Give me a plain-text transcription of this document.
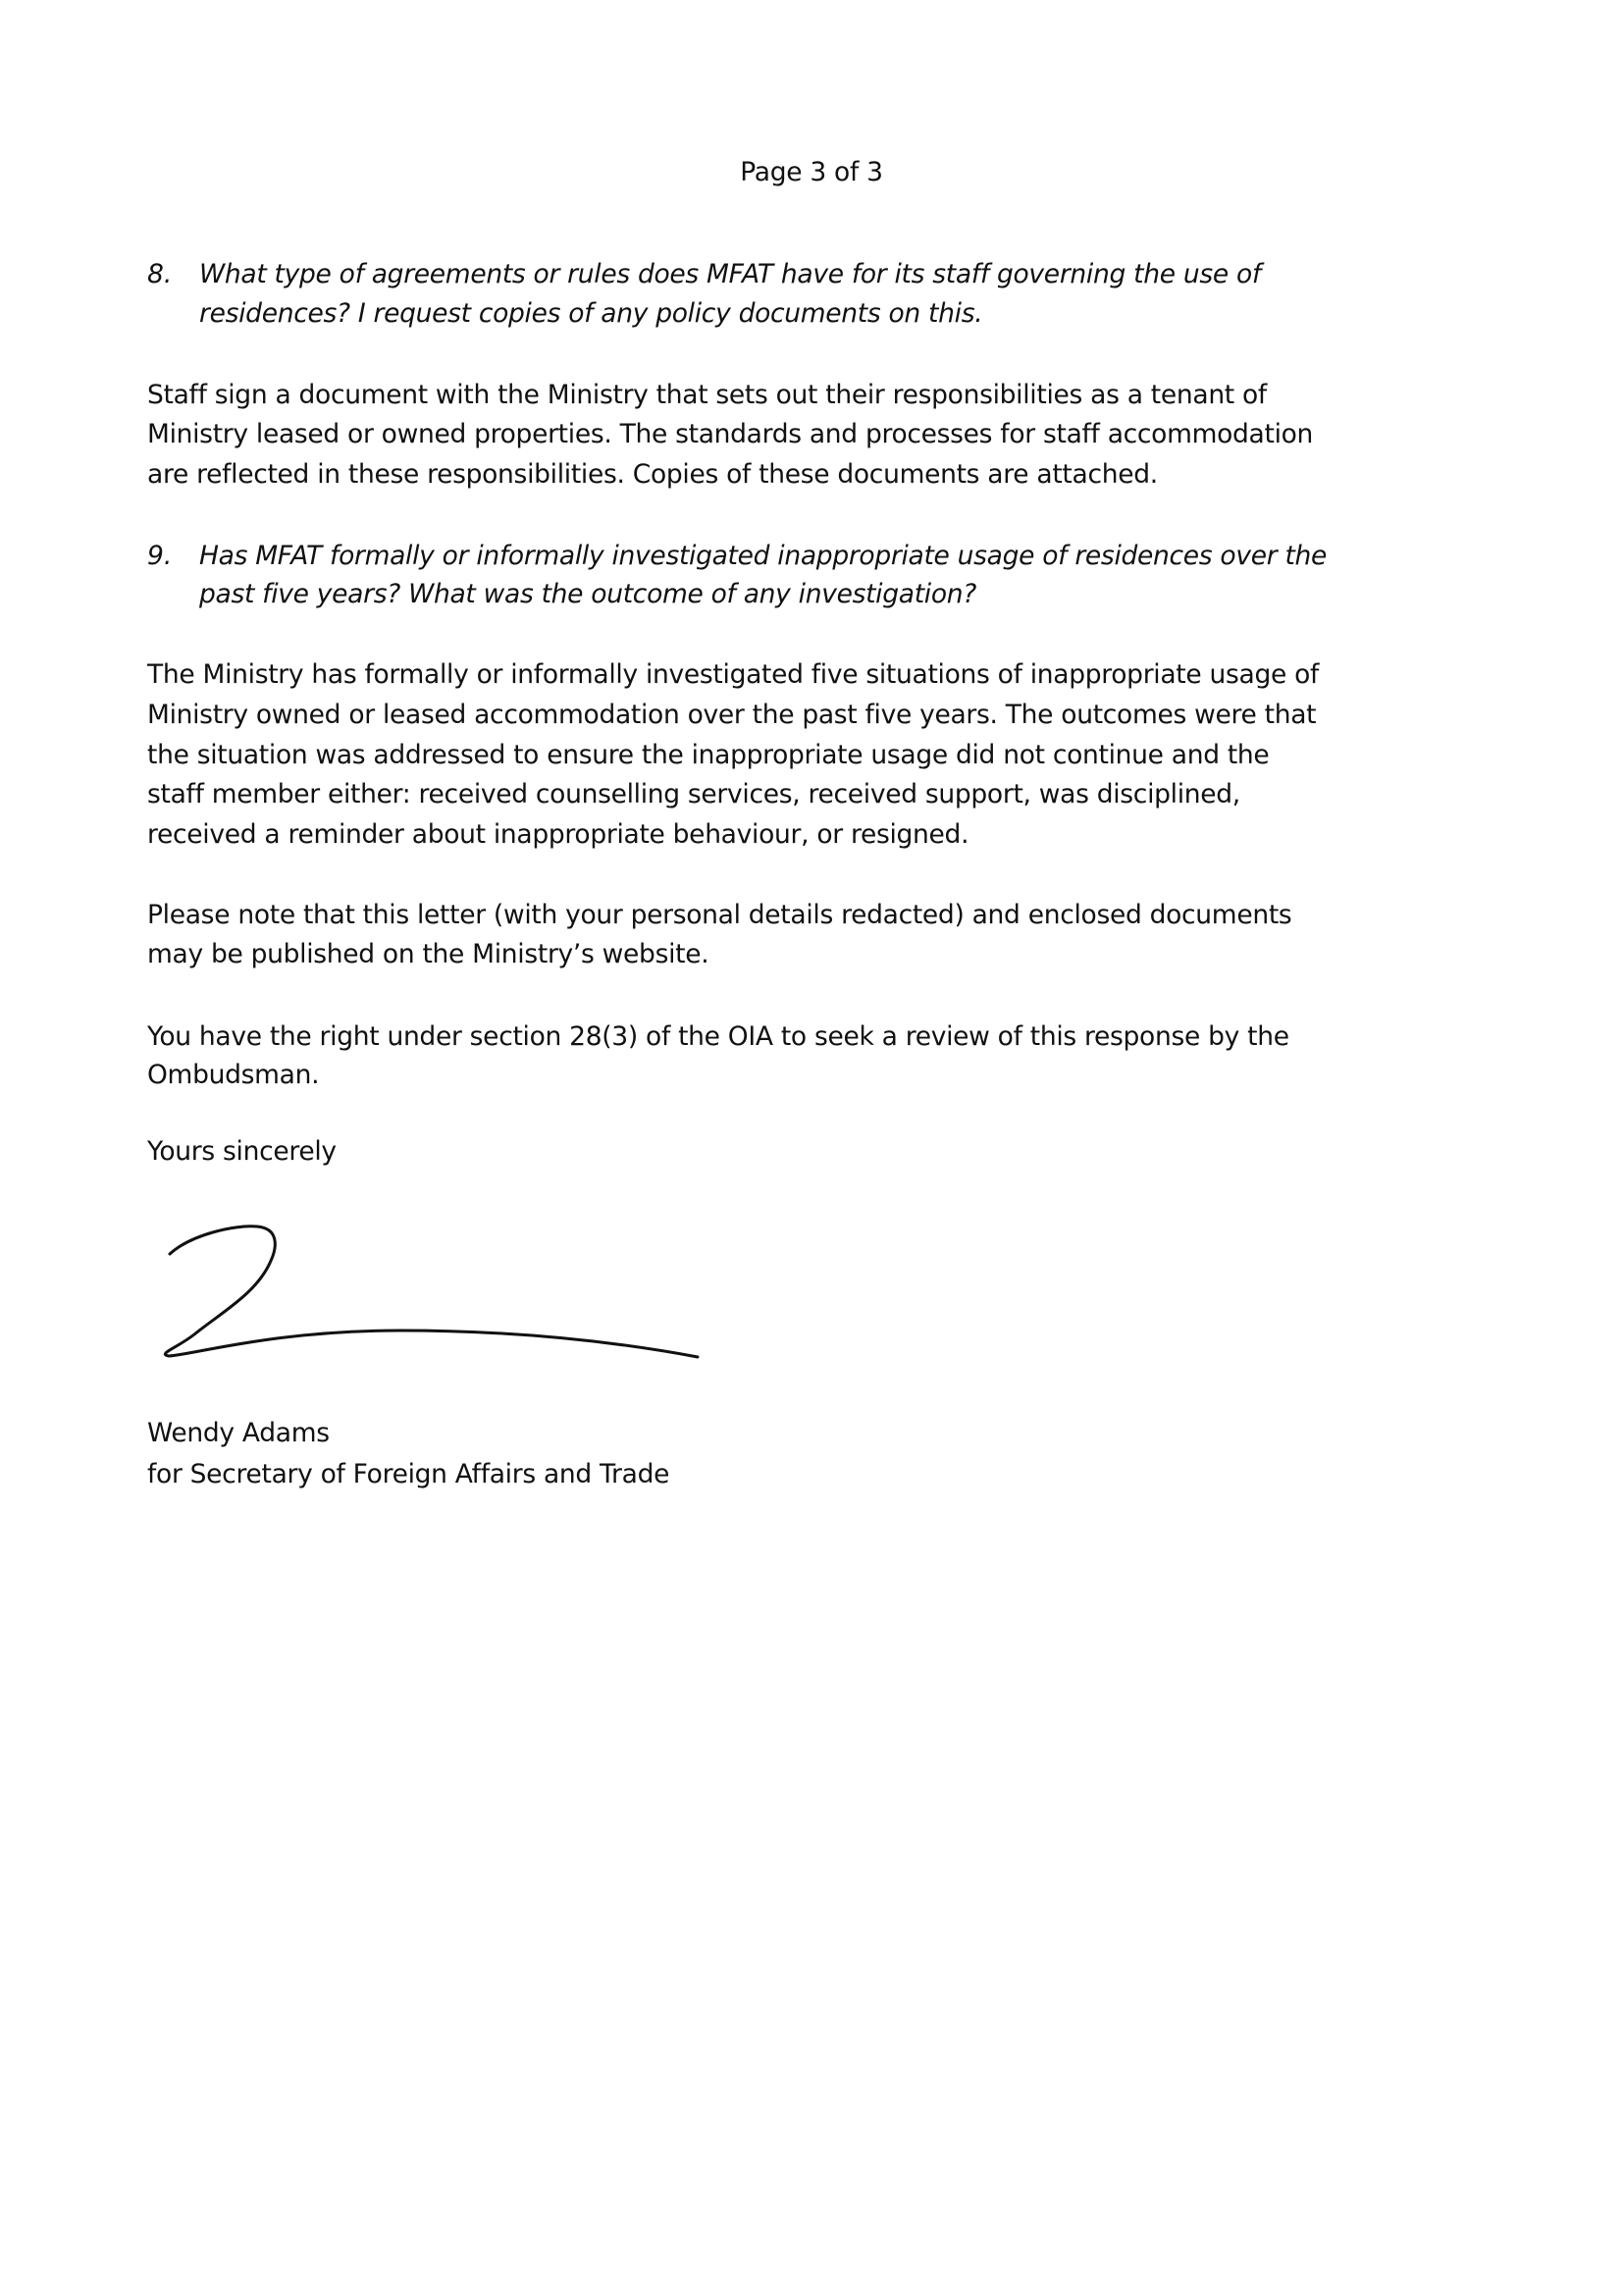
Page 3 of 3
8. What type of agreements or rules does MFAT have for its staff governing the use of
residences? I request copies of any policy documents on this.
Staff sign a document with the Ministry that sets out their responsibilities as a tenant of
Ministry leased or owned properties. The standards and processes for staff accommodation
are reflected in these responsibilities. Copies of these documents are attached.
9. Has MFAT formally or informally investigated inappropriate usage of residences over the
past five years? What was the outcome of any investigation?
The Ministry has formally or informally investigated five situations of inappropriate usage of
Ministry owned or leased accommodation over the past five years. The outcomes were that
the situation was addressed to ensure the inappropriate usage did not continue and the
staff member either: received counselling services, received support, was disciplined,
received a reminder about inappropriate behaviour, or resigned.
Please note that this letter (with your personal details redacted) and enclosed documents
may be published on the Ministry’s website.
You have the right under section 28(3) of the OIA to seek a review of this response by the
Ombudsman.
Yours sincerely
Wendy Adams
for Secretary of Foreign Affairs and Trade
